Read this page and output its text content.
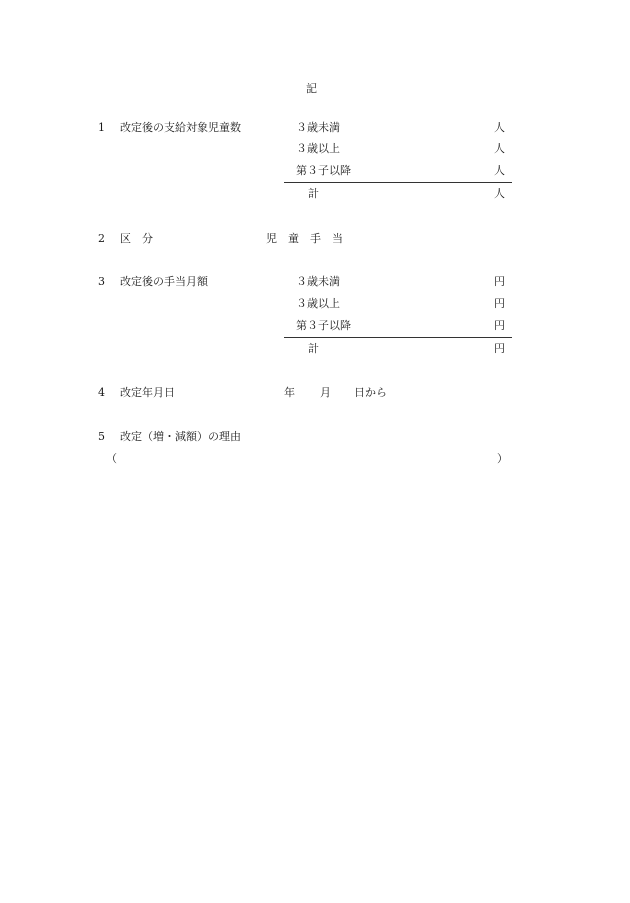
記
1 改定後の支給対象児童数	３歳未満	人
３歳以上	人
第３子以降	人
計	人
2 区　分	児　童　手　当
3 改定後の手当月額	３歳未満	円
３歳以上	円
第３子以降	円
計	円
4 改定年月日	年 月 日から
5 改定（増・減額）の理由
（	）
